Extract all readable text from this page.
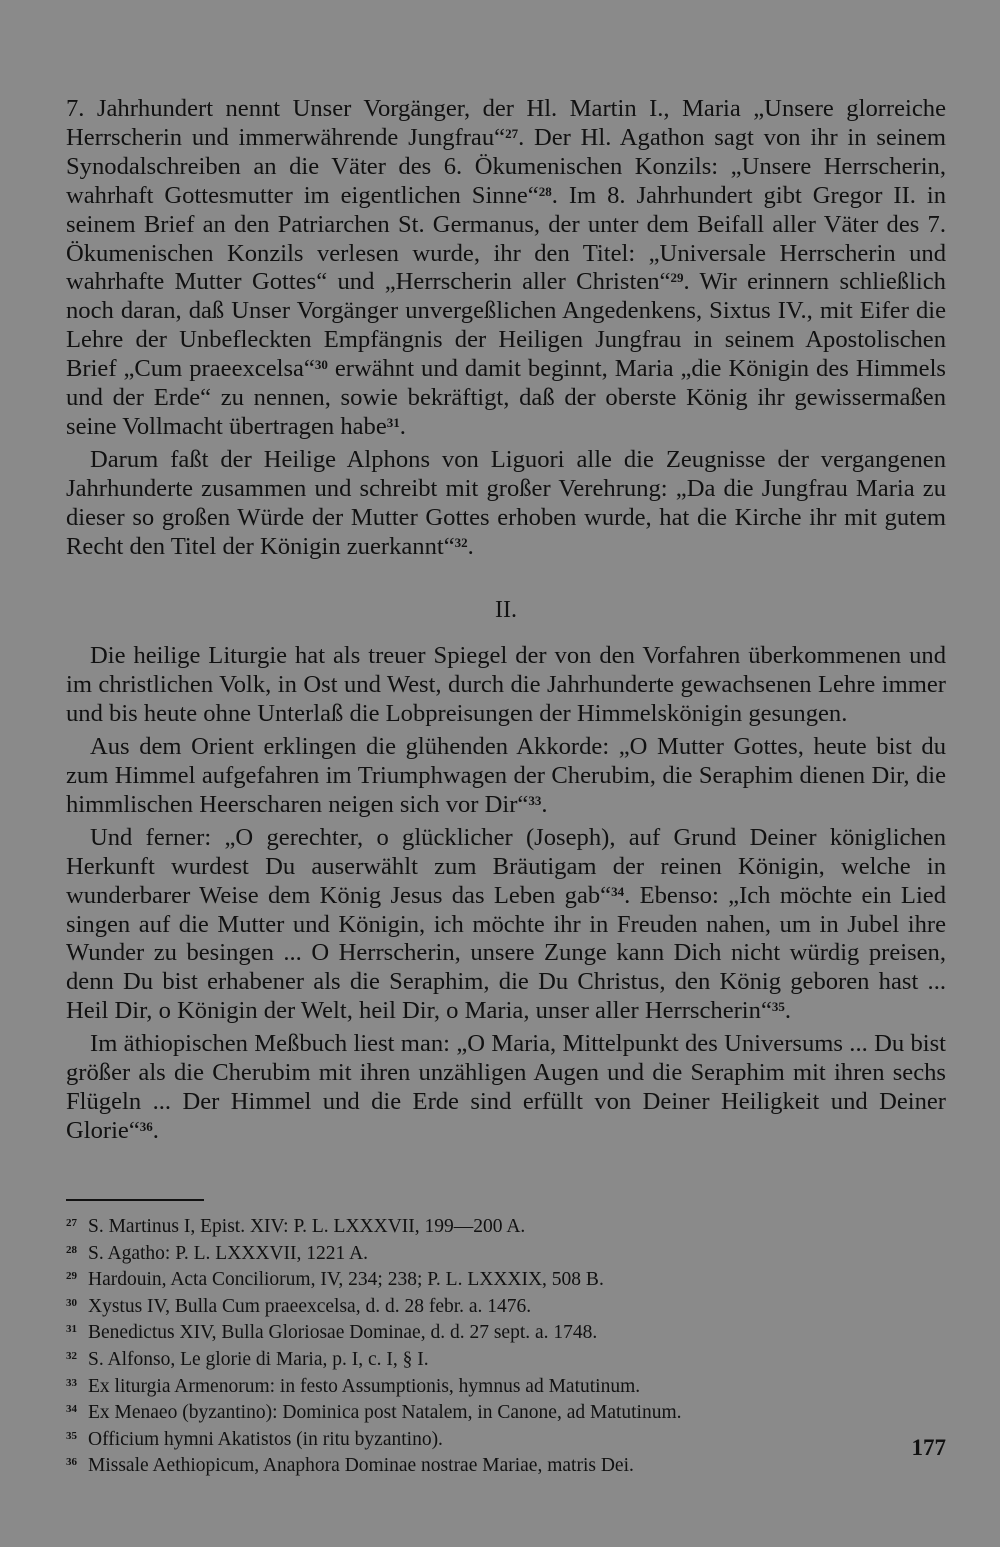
7. Jahrhundert nennt Unser Vorgänger, der Hl. Martin I., Maria „Unsere glorreiche Herrscherin und immerwährende Jungfrau“$^{27}$. Der Hl. Agathon sagt von ihr in seinem Synodalschreiben an die Väter des 6. Ökumenischen Konzils: „Unsere Herrscherin, wahrhaft Gottesmutter im eigentlichen Sinne“$^{28}$. Im 8. Jahrhundert gibt Gregor II. in seinem Brief an den Patriarchen St. Germanus, der unter dem Beifall aller Väter des 7. Ökumenischen Konzils verlesen wurde, ihr den Titel: „Universale Herrscherin und wahrhafte Mutter Gottes“ und „Herrscherin aller Christen“$^{29}$. Wir erinnern schließlich noch daran, daß Unser Vorgänger unvergeßlichen Angedenkens, Sixtus IV., mit Eifer die Lehre der Unbefleckten Empfängnis der Heiligen Jungfrau in seinem Apostolischen Brief „Cum praeexcelsa“$^{30}$ erwähnt und damit beginnt, Maria „die Königin des Himmels und der Erde“ zu nennen, sowie bekräftigt, daß der oberste König ihr gewissermaßen seine Vollmacht übertragen habe$^{31}$.

Darum faßt der Heilige Alphons von Liguori alle die Zeugnisse der vergangenen Jahrhunderte zusammen und schreibt mit großer Verehrung: „Da die Jungfrau Maria zu dieser so großen Würde der Mutter Gottes erhoben wurde, hat die Kirche ihr mit gutem Recht den Titel der Königin zuerkannt“$^{32}$.

II.

Die heilige Liturgie hat als treuer Spiegel der von den Vorfahren überkommenen und im christlichen Volk, in Ost und West, durch die Jahrhunderte gewachsenen Lehre immer und bis heute ohne Unterlaß die Lobpreisungen der Himmelskönigin gesungen.

Aus dem Orient erklingen die glühenden Akkorde: „O Mutter Gottes, heute bist du zum Himmel aufgefahren im Triumphwagen der Cherubim, die Seraphim dienen Dir, die himmlischen Heerscharen neigen sich vor Dir“$^{33}$.

Und ferner: „O gerechter, o glücklicher (Joseph), auf Grund Deiner königlichen Herkunft wurdest Du auserwählt zum Bräutigam der reinen Königin, welche in wunderbarer Weise dem König Jesus das Leben gab“$^{34}$. Ebenso: „Ich möchte ein Lied singen auf die Mutter und Königin, ich möchte ihr in Freuden nahen, um in Jubel ihre Wunder zu besingen ... O Herrscherin, unsere Zunge kann Dich nicht würdig preisen, denn Du bist erhabener als die Seraphim, die Du Christus, den König geboren hast ... Heil Dir, o Königin der Welt, heil Dir, o Maria, unser aller Herrscherin“$^{35}$.

Im äthiopischen Meßbuch liest man: „O Maria, Mittelpunkt des Universums ... Du bist größer als die Cherubim mit ihren unzähligen Augen und die Seraphim mit ihren sechs Flügeln ... Der Himmel und die Erde sind erfüllt von Deiner Heiligkeit und Deiner Glorie“$^{36}$.

27 S. Martinus I, Epist. XIV: P. L. LXXXVII, 199—200 A.
28 S. Agatho: P. L. LXXXVII, 1221 A.
29 Hardouin, Acta Conciliorum, IV, 234; 238; P. L. LXXXIX, 508 B.
30 Xystus IV, Bulla Cum praeexcelsa, d. d. 28 febr. a. 1476.
31 Benedictus XIV, Bulla Gloriosae Dominae, d. d. 27 sept. a. 1748.
32 S. Alfonso, Le glorie di Maria, p. I, c. I, § I.
33 Ex liturgia Armenorum: in festo Assumptionis, hymnus ad Matutinum.
34 Ex Menaeo (byzantino): Dominica post Natalem, in Canone, ad Matutinum.
35 Officium hymni Akatistos (in ritu byzantino).
36 Missale Aethiopicum, Anaphora Dominae nostrae Mariae, matris Dei.
177
